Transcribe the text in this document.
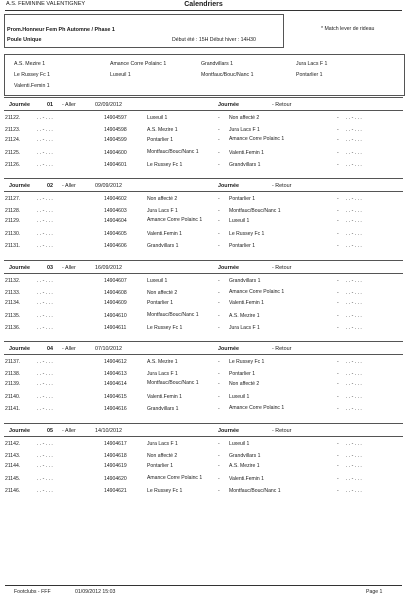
A.S. FEMININE VALENTIGNEY	Calendriers
Prom.Honneur Fem Ph Automne / Phase 1
Poule Unique	Début été : 15H Début hiver : 14H30
* Match lever de rideau
A.S. Mezire 1	Amance Corre Polainc 1	Grandvillars 1	Jura Lacs F 1
Le Russey Fc 1	Luxeuil 1	Montfauc/Bouc/Nanc 1	Pontarlier 1
Valenti.Femin 1
Journée	01 - Aller	02/09/2012	Journée	- Retour
21122.	. . - . . .	14904597	Luxeuil 1	- Non affecté 2	- . . - . . .
21123.	. . - . . .	14904598	A.S. Mezire 1	- Jura Lacs F 1	- . . - . . .
21124.	. . - . . .	14904599	Pontarlier 1	- Amance Corre Polainc 1	- . . - . . .
21125.	. . - . . .	14904600	Montfauc/Bouc/Nanc 1	- Valenti.Femin 1	- . . - . . .
21126.	. . - . . .	14904601	Le Russey Fc 1	- Grandvillars 1	- . . - . . .
Journée	02 - Aller	09/09/2012	Journée	- Retour
21127.	. . - . . .	14904602	Non affecté 2	- Pontarlier 1	- . . - . . .
21128.	. . - . . .	14904603	Jura Lacs F 1	- Montfauc/Bouc/Nanc 1	- . . - . . .
21129.	. . - . . .	14904604	Amance Corre Polainc 1	- Luxeuil 1	- . . - . . .
21130.	. . - . . .	14904605	Valenti.Femin 1	- Le Russey Fc 1	- . . - . . .
21131.	. . - . . .	14904606	Grandvillars 1	- Pontarlier 1	- . . - . . .
Journée	03 - Aller	16/09/2012	Journée	- Retour
21132.	. . - . . .	14904607	Luxeuil 1	- Grandvillars 1	- . . - . . .
21133.	. . - . . .	14904608	Non affecté 2	- Amance Corre Polainc 1	- . . - . . .
21134.	. . - . . .	14904609	Pontarlier 1	- Valenti.Femin 1	- . . - . . .
21135.	. . - . . .	14904610	Montfauc/Bouc/Nanc 1	- A.S. Mezire 1	- . . - . . .
21136.	. . - . . .	14904611	Le Russey Fc 1	- Jura Lacs F 1	- . . - . . .
Journée	04 - Aller	07/10/2012	Journée	- Retour
21137.	. . - . . .	14904612	A.S. Mezire 1	- Le Russey Fc 1	- . . - . . .
21138.	. . - . . .	14904613	Jura Lacs F 1	- Pontarlier 1	- . . - . . .
21139.	. . - . . .	14904614	Montfauc/Bouc/Nanc 1	- Non affecté 2	- . . - . . .
21140.	. . - . . .	14904615	Valenti.Femin 1	- Luxeuil 1	- . . - . . .
21141.	. . - . . .	14904616	Grandvillars 1	- Amance Corre Polainc 1	- . . - . . .
Journée	05 - Aller	14/10/2012	Journée	- Retour
21142.	. . - . . .	14904617	Jura Lacs F 1	- Luxeuil 1	- . . - . . .
21143.	. . - . . .	14904618	Non affecté 2	- Grandvillars 1	- . . - . . .
21144.	. . - . . .	14904619	Pontarlier 1	- A.S. Mezire 1	- . . - . . .
21145.	. . - . . .	14904620	Amance Corre Polainc 1	- Valenti.Femin 1	- . . - . . .
21146.	. . - . . .	14904621	Le Russey Fc 1	- Montfauc/Bouc/Nanc 1	- . . - . . .
Footclubs - FFF	01/09/2012 15:03	Page 1
